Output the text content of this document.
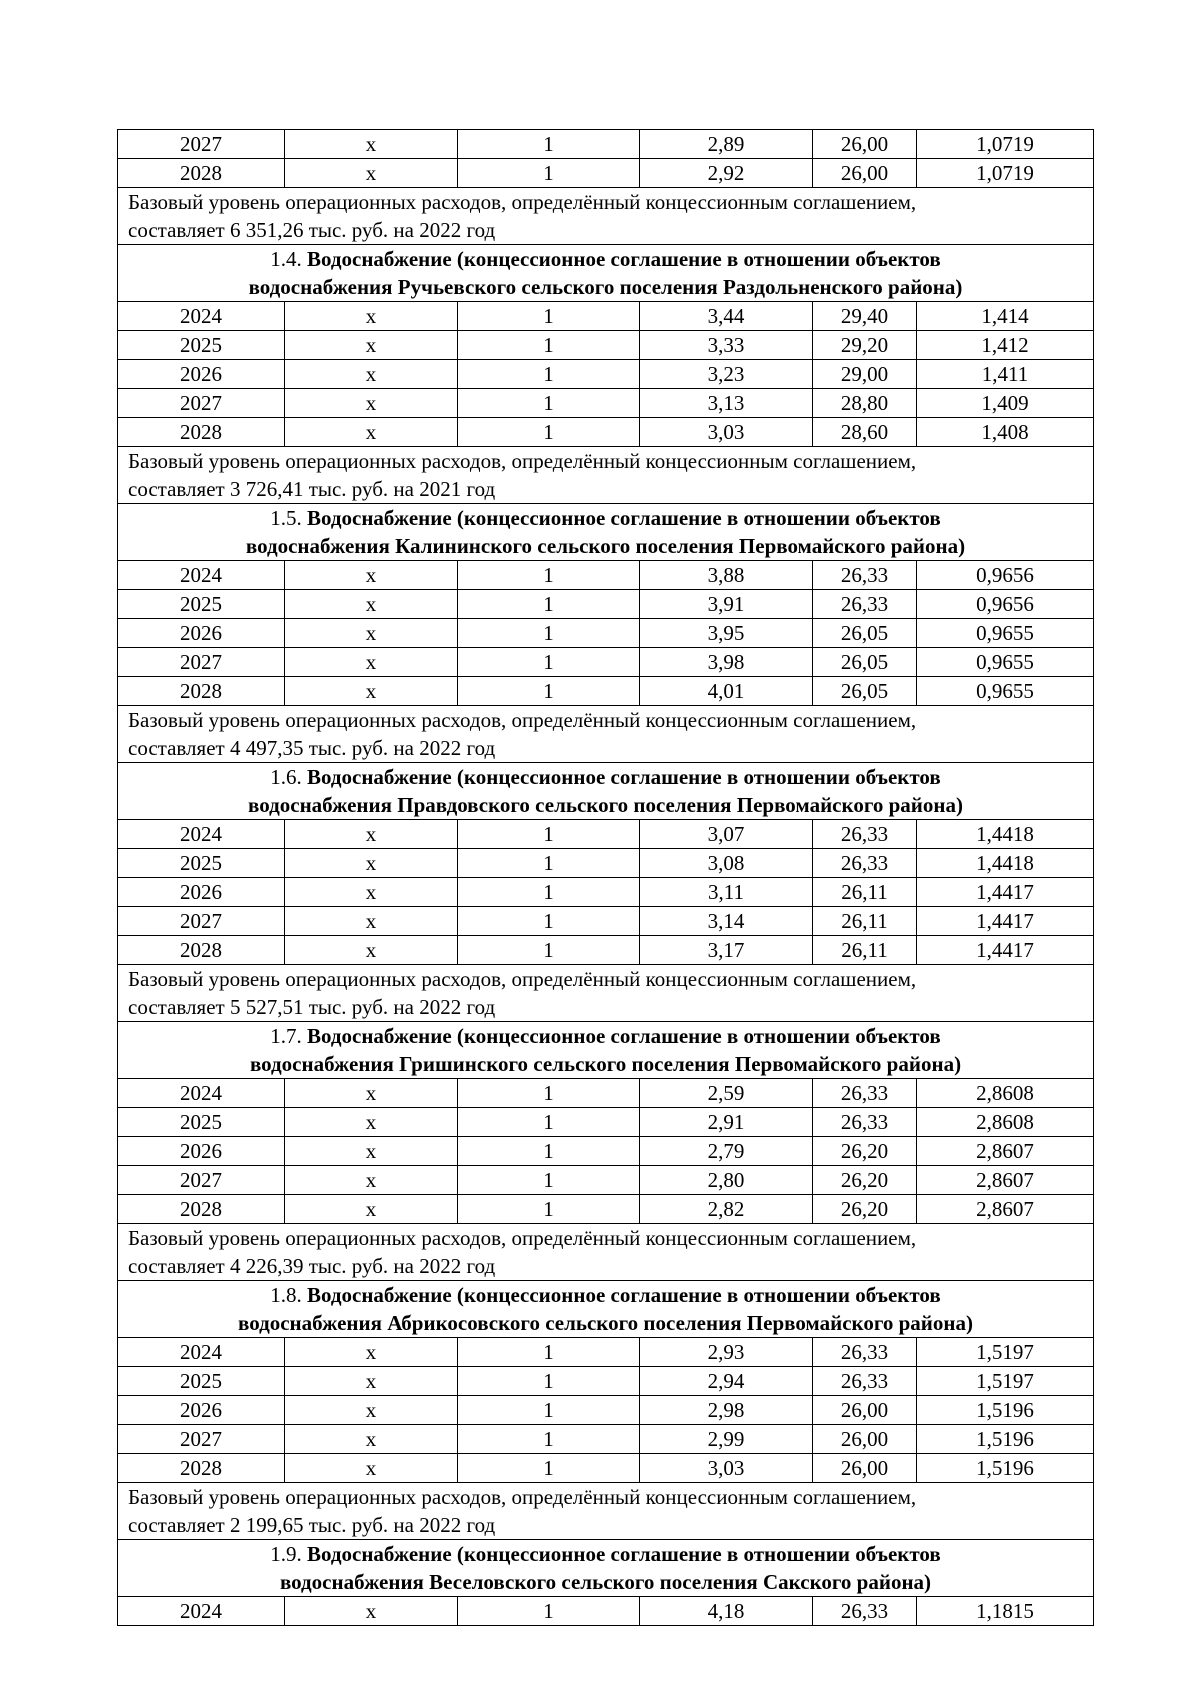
2027	х	1	2,89	26,00	1,0719
2028	х	1	2,92	26,00	1,0719

Базовый уровень операционных расходов, определённый концессионным соглашением,
составляет 6 351,26 тыс. руб. на 2022 год					

1.4. Водоснабжение (концессионное соглашение в отношении объектов
водоснабжения Ручьевского сельского поселения Раздольненского района)					

2024	х	1	3,44	29,40	1,414
2025	х	1	3,33	29,20	1,412
2026	х	1	3,23	29,00	1,411
2027	х	1	3,13	28,80	1,409
2028	х	1	3,03	28,60	1,408

Базовый уровень операционных расходов, определённый концессионным соглашением,
составляет 3 726,41 тыс. руб. на 2021 год					

1.5. Водоснабжение (концессионное соглашение в отношении объектов
водоснабжения Калининского сельского поселения Первомайского района)					

2024	х	1	3,88	26,33	0,9656
2025	х	1	3,91	26,33	0,9656
2026	х	1	3,95	26,05	0,9655
2027	х	1	3,98	26,05	0,9655
2028	х	1	4,01	26,05	0,9655

Базовый уровень операционных расходов, определённый концессионным соглашением,
составляет 4 497,35 тыс. руб. на 2022 год					

1.6. Водоснабжение (концессионное соглашение в отношении объектов
водоснабжения Правдовского сельского поселения Первомайского района)					

2024	х	1	3,07	26,33	1,4418
2025	х	1	3,08	26,33	1,4418
2026	х	1	3,11	26,11	1,4417
2027	х	1	3,14	26,11	1,4417
2028	х	1	3,17	26,11	1,4417

Базовый уровень операционных расходов, определённый концессионным соглашением,
составляет 5 527,51 тыс. руб. на 2022 год					

1.7. Водоснабжение (концессионное соглашение в отношении объектов
водоснабжения Гришинского сельского поселения Первомайского района)					

2024	х	1	2,59	26,33	2,8608
2025	х	1	2,91	26,33	2,8608
2026	х	1	2,79	26,20	2,8607
2027	х	1	2,80	26,20	2,8607
2028	х	1	2,82	26,20	2,8607

Базовый уровень операционных расходов, определённый концессионным соглашением,
составляет 4 226,39 тыс. руб. на 2022 год					

1.8. Водоснабжение (концессионное соглашение в отношении объектов
водоснабжения Абрикосовского сельского поселения Первомайского района)					

2024	х	1	2,93	26,33	1,5197
2025	х	1	2,94	26,33	1,5197
2026	х	1	2,98	26,00	1,5196
2027	х	1	2,99	26,00	1,5196
2028	х	1	3,03	26,00	1,5196

Базовый уровень операционных расходов, определённый концессионным соглашением,
составляет 2 199,65 тыс. руб. на 2022 год					

1.9. Водоснабжение (концессионное соглашение в отношении объектов
водоснабжения Веселовского сельского поселения Сакского района)					

2024	х	1	4,18	26,33	1,1815
